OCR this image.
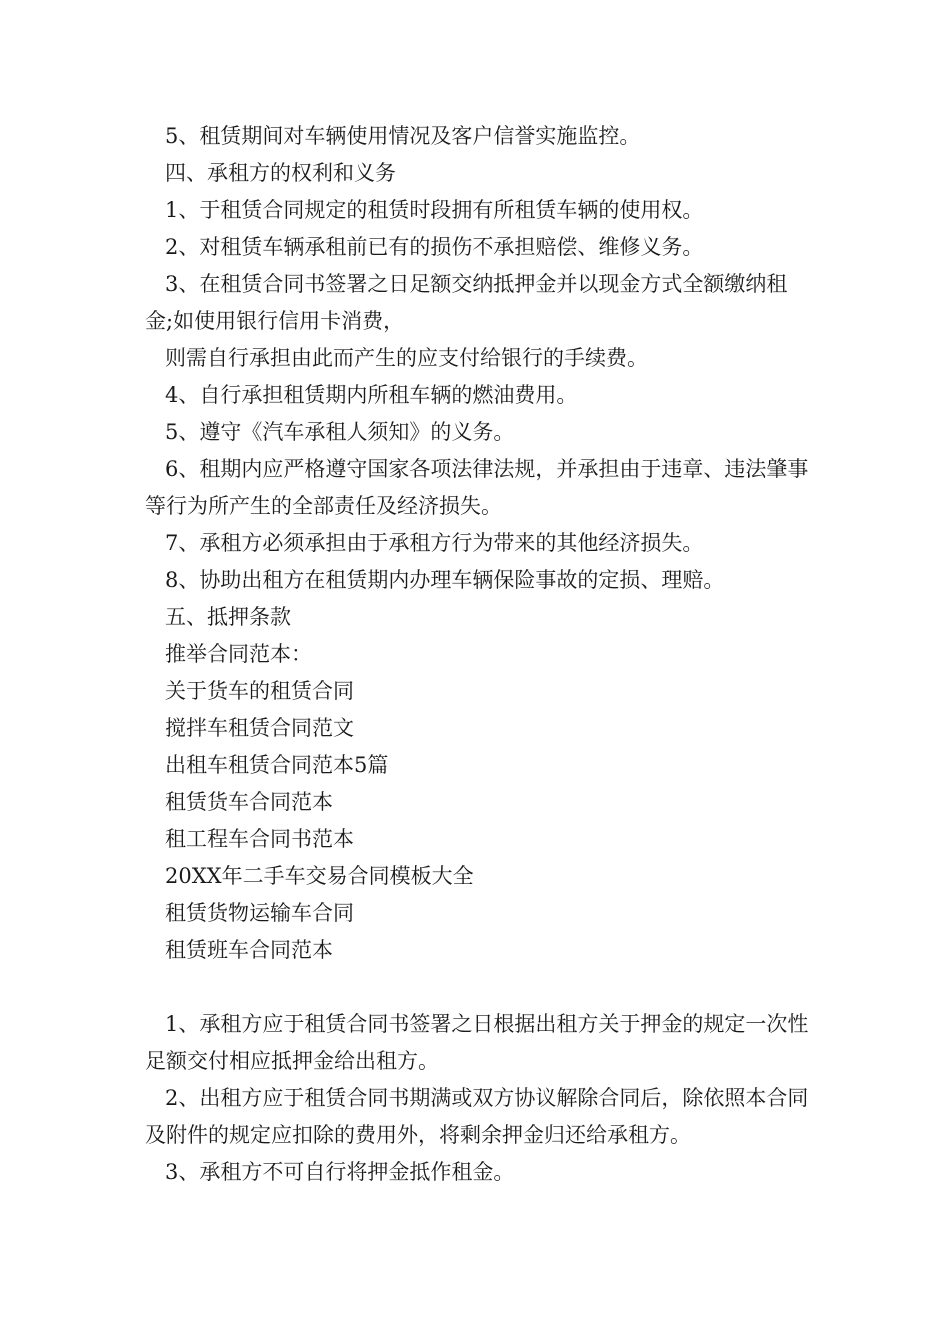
5、租赁期间对车辆使用情况及客户信誉实施监控。

四、承租方的权利和义务

1、于租赁合同规定的租赁时段拥有所租赁车辆的使用权。

2、对租赁车辆承租前已有的损伤不承担赔偿、维修义务。

3、在租赁合同书签署之日足额交纳抵押金并以现金方式全额缴纳租金;如使用银行信用卡消费，

则需自行承担由此而产生的应支付给银行的手续费。

4、自行承担租赁期内所租车辆的燃油费用。

5、遵守《汽车承租人须知》的义务。

6、租期内应严格遵守国家各项法律法规，并承担由于违章、违法肇事等行为所产生的全部责任及经济损失。

7、承租方必须承担由于承租方行为带来的其他经济损失。

8、协助出租方在租赁期内办理车辆保险事故的定损、理赔。

五、抵押条款

推举合同范本：

关于货车的租赁合同

搅拌车租赁合同范文

出租车租赁合同范本5篇

租赁货车合同范本

租工程车合同书范本

20XX年二手车交易合同模板大全

租赁货物运输车合同

租赁班车合同范本

1、承租方应于租赁合同书签署之日根据出租方关于押金的规定一次性足额交付相应抵押金给出租方。

2、出租方应于租赁合同书期满或双方协议解除合同后，除依照本合同及附件的规定应扣除的费用外，将剩余押金归还给承租方。

3、承租方不可自行将押金抵作租金。
